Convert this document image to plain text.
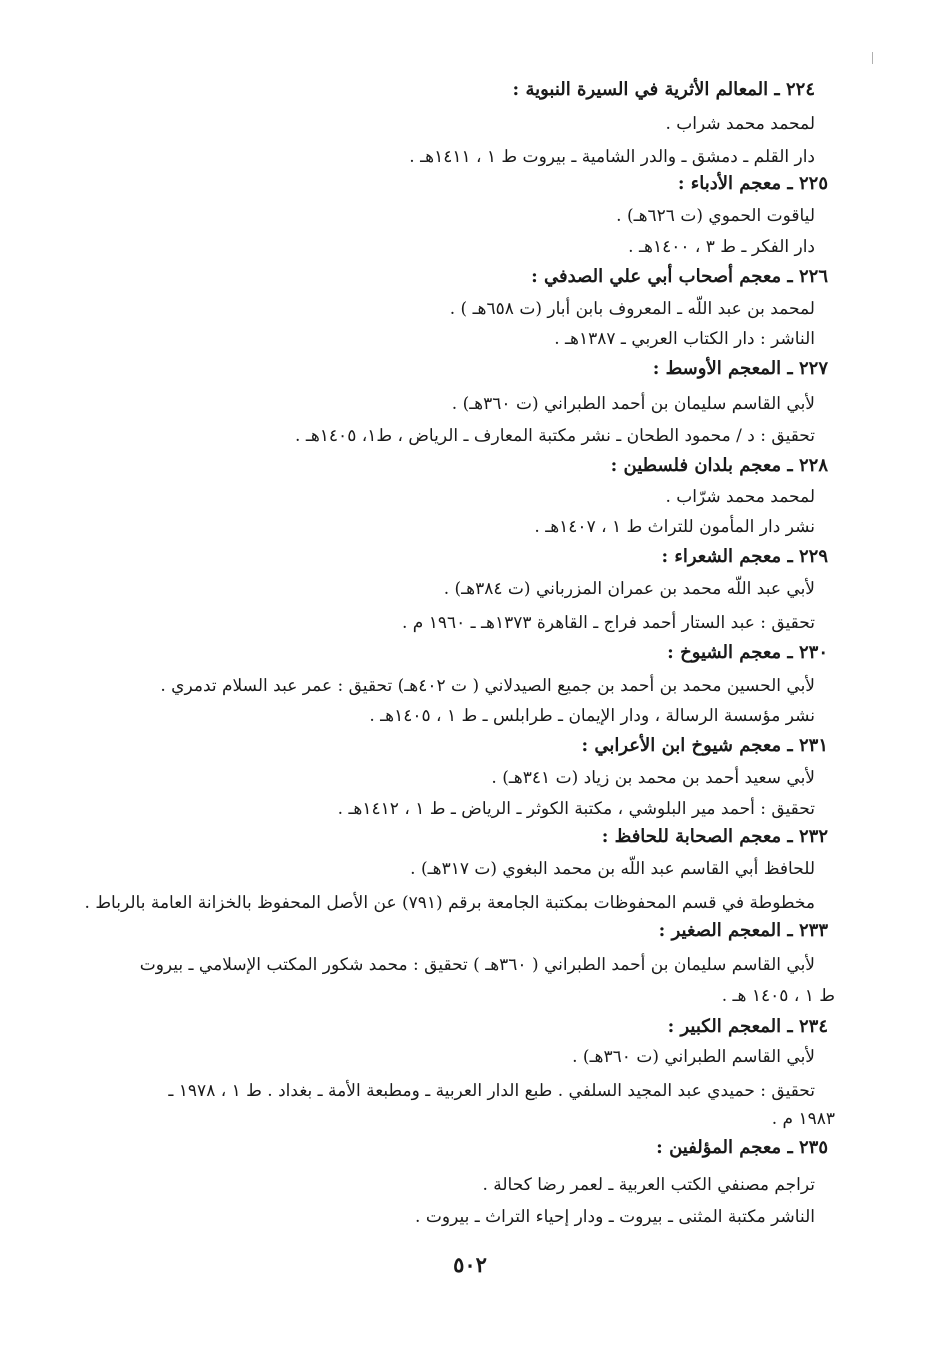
٢٢٤ ـ المعالم الأثرية في السيرة النبوية :
لمحمد محمد شراب .
دار القلم ـ دمشق ـ والدر الشامية ـ بيروت ط ١ ، ١٤١١هـ .
٢٢٥ ـ معجم الأدباء :
لياقوت الحموي (ت ٦٢٦هـ) .
دار الفكر ـ ط ٣ ، ١٤٠٠هـ .
٢٢٦ ـ معجم أصحاب أبي علي الصدفي :
لمحمد بن عبد اللّه ـ المعروف بابن أبار (ت ٦٥٨هـ ) .
الناشر : دار الكتاب العربي ـ ١٣٨٧هـ .
٢٢٧ ـ المعجم الأوسط :
لأبي القاسم سليمان بن أحمد الطبراني (ت ٣٦٠هـ) .
تحقيق : د / محمود الطحان ـ نشر مكتبة المعارف ـ الرياض ، ط١، ١٤٠٥هـ .
٢٢٨ ـ معجم بلدان فلسطين :
لمحمد محمد شرّاب .
نشر دار المأمون للتراث ط ١ ، ١٤٠٧هـ .
٢٢٩ ـ معجم الشعراء :
لأبي عبد اللّه محمد بن عمران المزرباني (ت ٣٨٤هـ) .
تحقيق : عبد الستار أحمد فراج ـ القاهرة ١٣٧٣هـ ـ ١٩٦٠ م .
٢٣٠ ـ معجم الشيوخ :
لأبي الحسين محمد بن أحمد بن جميع الصيدلاني ( ت ٤٠٢هـ) تحقيق : عمر عبد السلام تدمري .
نشر مؤسسة الرسالة ، ودار الإيمان ـ طرابلس ـ ط ١ ، ١٤٠٥هـ .
٢٣١ ـ معجم شيوخ ابن الأعرابي :
لأبي سعيد أحمد بن محمد بن زياد (ت ٣٤١هـ) .
تحقيق : أحمد مير البلوشي ، مكتبة الكوثر ـ الرياض ـ ط ١ ، ١٤١٢هـ .
٢٣٢ ـ معجم الصحابة للحافظ :
للحافظ أبي القاسم عبد اللّه بن محمد البغوي (ت ٣١٧هـ) .
مخطوطة في قسم المحفوظات بمكتبة الجامعة برقم (٧٩١) عن الأصل المحفوظ بالخزانة العامة بالرباط .
٢٣٣ ـ المعجم الصغير :
لأبي القاسم سليمان بن أحمد الطبراني ( ٣٦٠هـ ) تحقيق : محمد شكور المكتب الإسلامي ـ بيروت
ط ١ ، ١٤٠٥ هـ .
٢٣٤ ـ المعجم الكبير :
لأبي القاسم الطبراني (ت ٣٦٠هـ) .
تحقيق : حميدي عبد المجيد السلفي . طبع الدار العربية ـ ومطبعة الأمة ـ بغداد . ط ١ ، ١٩٧٨ ـ
١٩٨٣ م .
٢٣٥ ـ معجم المؤلفين :
تراجم مصنفي الكتب العربية ـ لعمر رضا كحالة .
الناشر مكتبة المثنى ـ بيروت ـ ودار إحياء التراث ـ بيروت .
٥٠٢
